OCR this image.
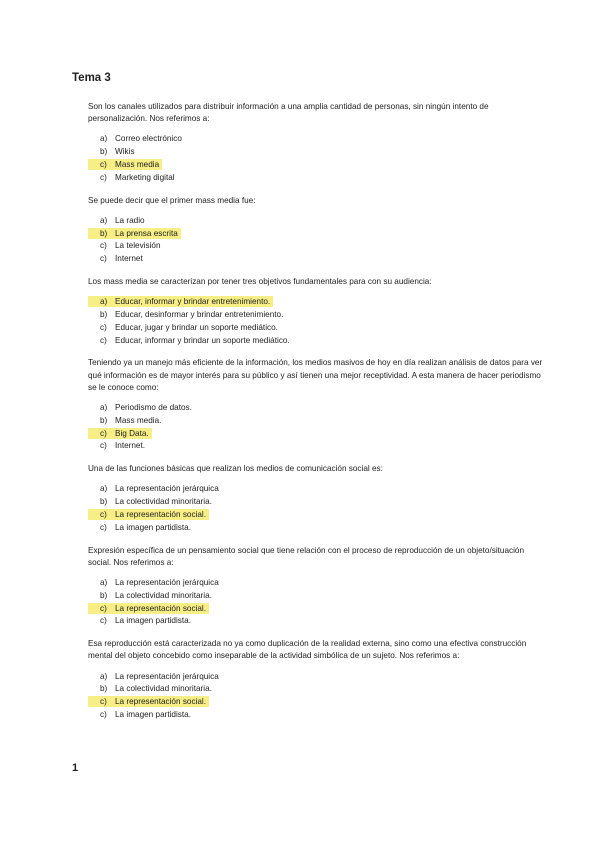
Tema 3

Son los canales utilizados para distribuir información a una amplia cantidad de personas, sin ningún intento de personalización. Nos referimos a:

a) Correo electrónico
b) Wikis
c) Mass media
c) Marketing digital

Se puede decir que el primer mass media fue:

a) La radio
b) La prensa escrita
c) La televisión
c) Internet

Los mass media se caracterizan por tener tres objetivos fundamentales para con su audiencia:

a) Educar, informar y brindar entretenimiento.
b) Educar, desinformar y brindar entretenimiento.
c) Educar, jugar y brindar un soporte mediático.
c) Educar, informar y brindar un soporte mediático.

Teniendo ya un manejo más eficiente de la información, los medios masivos de hoy en día realizan análisis de datos para ver qué información es de mayor interés para su público y así tienen una mejor receptividad. A esta manera de hacer periodismo se le conoce como:

a) Periodismo de datos.
b) Mass media.
c) Big Data.
c) Internet.

Una de las funciones básicas que realizan los medios de comunicación social es:

a) La representación jerárquica
b) La colectividad minoritaria.
c) La representación social.
c) La imagen partidista.

Expresión específica de un pensamiento social que tiene relación con el proceso de reproducción de un objeto/situación social. Nos referimos a:

a) La representación jerárquica
b) La colectividad minoritaria.
c) La representación social.
c) La imagen partidista.

Esa reproducción está caracterizada no ya como duplicación de la realidad externa, sino como una efectiva construcción mental del objeto concebido como inseparable de la actividad simbólica de un sujeto. Nos referimos a:

a) La representación jerárquica
b) La colectividad minoritaria.
c) La representación social.
c) La imagen partidista.
1
